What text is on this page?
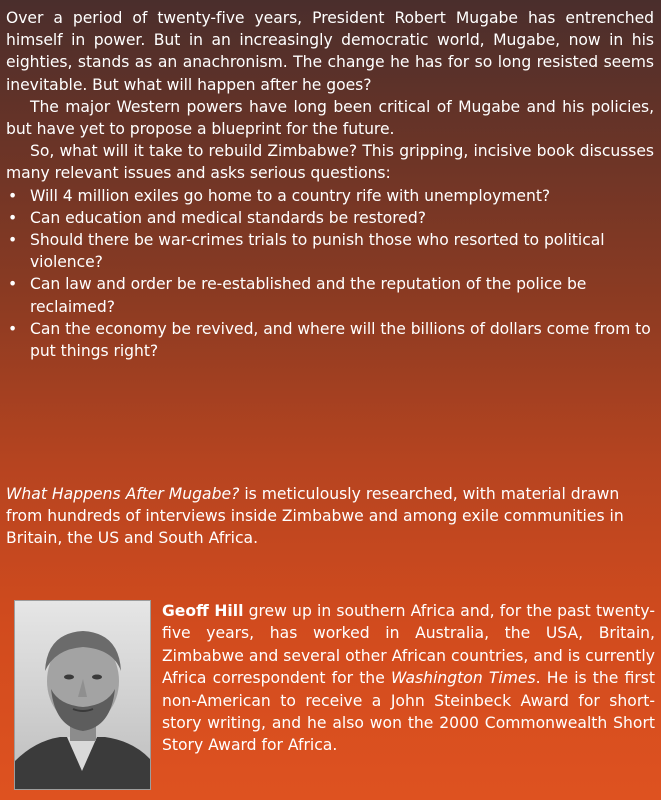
Over a period of twenty-five years, President Robert Mugabe has entrenched himself in power. But in an increasingly democratic world, Mugabe, now in his eighties, stands as an anachronism. The change he has for so long resisted seems inevitable. But what will happen after he goes?

The major Western powers have long been critical of Mugabe and his policies, but have yet to propose a blueprint for the future.

So, what will it take to rebuild Zimbabwe? This gripping, incisive book discusses many relevant issues and asks serious questions:

• Will 4 million exiles go home to a country rife with unemployment?
• Can education and medical standards be restored?
• Should there be war-crimes trials to punish those who resorted to political violence?
• Can law and order be re-established and the reputation of the police be reclaimed?
• Can the economy be revived, and where will the billions of dollars come from to put things right?

What Happens After Mugabe? is meticulously researched, with material drawn from hundreds of interviews inside Zimbabwe and among exile communities in Britain, the US and South Africa.

Geoff Hill grew up in southern Africa and, for the past twenty-five years, has worked in Australia, the USA, Britain, Zimbabwe and several other African countries, and is currently Africa correspondent for the Washington Times. He is the first non-American to receive a John Steinbeck Award for short-story writing, and he also won the 2000 Commonwealth Short Story Award for Africa.
